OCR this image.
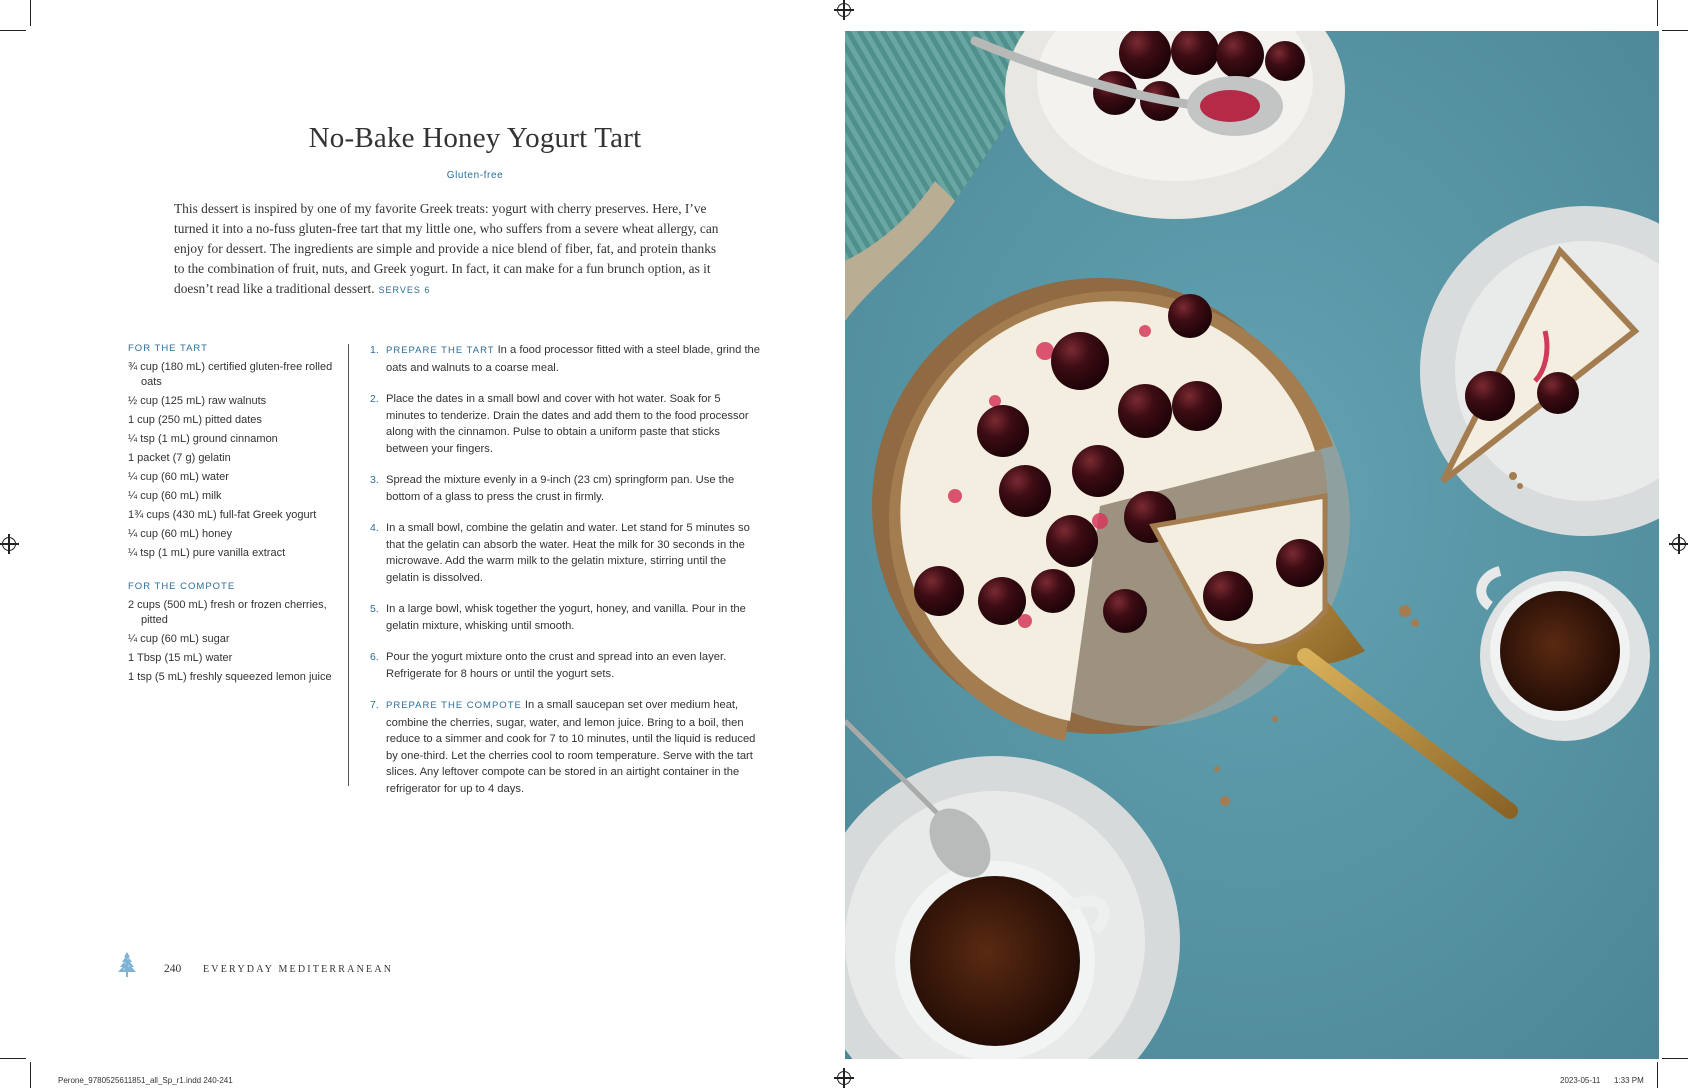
No-Bake Honey Yogurt Tart
Gluten-free
This dessert is inspired by one of my favorite Greek treats: yogurt with cherry preserves. Here, I’ve turned it into a no-fuss gluten-free tart that my little one, who suffers from a severe wheat allergy, can enjoy for dessert. The ingredients are simple and provide a nice blend of fiber, fat, and protein thanks to the combination of fruit, nuts, and Greek yogurt. In fact, it can make for a fun brunch option, as it doesn’t read like a traditional dessert. SERVES 6
FOR THE TART
¾ cup (180 mL) certified gluten-free rolled oats
½ cup (125 mL) raw walnuts
1 cup (250 mL) pitted dates
¼ tsp (1 mL) ground cinnamon
1 packet (7 g) gelatin
¼ cup (60 mL) water
¼ cup (60 mL) milk
1¾ cups (430 mL) full-fat Greek yogurt
¼ cup (60 mL) honey
¼ tsp (1 mL) pure vanilla extract
FOR THE COMPOTE
2 cups (500 mL) fresh or frozen cherries, pitted
¼ cup (60 mL) sugar
1 Tbsp (15 mL) water
1 tsp (5 mL) freshly squeezed lemon juice
1. PREPARE THE TART In a food processor fitted with a steel blade, grind the oats and walnuts to a coarse meal.
2. Place the dates in a small bowl and cover with hot water. Soak for 5 minutes to tenderize. Drain the dates and add them to the food processor along with the cinnamon. Pulse to obtain a uniform paste that sticks between your fingers.
3. Spread the mixture evenly in a 9-inch (23 cm) springform pan. Use the bottom of a glass to press the crust in firmly.
4. In a small bowl, combine the gelatin and water. Let stand for 5 minutes so that the gelatin can absorb the water. Heat the milk for 30 seconds in the microwave. Add the warm milk to the gelatin mixture, stirring until the gelatin is dissolved.
5. In a large bowl, whisk together the yogurt, honey, and vanilla. Pour in the gelatin mixture, whisking until smooth.
6. Pour the yogurt mixture onto the crust and spread into an even layer. Refrigerate for 8 hours or until the yogurt sets.
7. PREPARE THE COMPOTE In a small saucepan set over medium heat, combine the cherries, sugar, water, and lemon juice. Bring to a boil, then reduce to a simmer and cook for 7 to 10 minutes, until the liquid is reduced by one-third. Let the cherries cool to room temperature. Serve with the tart slices. Any leftover compote can be stored in an airtight container in the refrigerator for up to 4 days.
240 EVERYDAY MEDITERRANEAN
Perone_9780525611851_all_Sp_r1.indd 240-241	2023-05-11 1:33 PM
